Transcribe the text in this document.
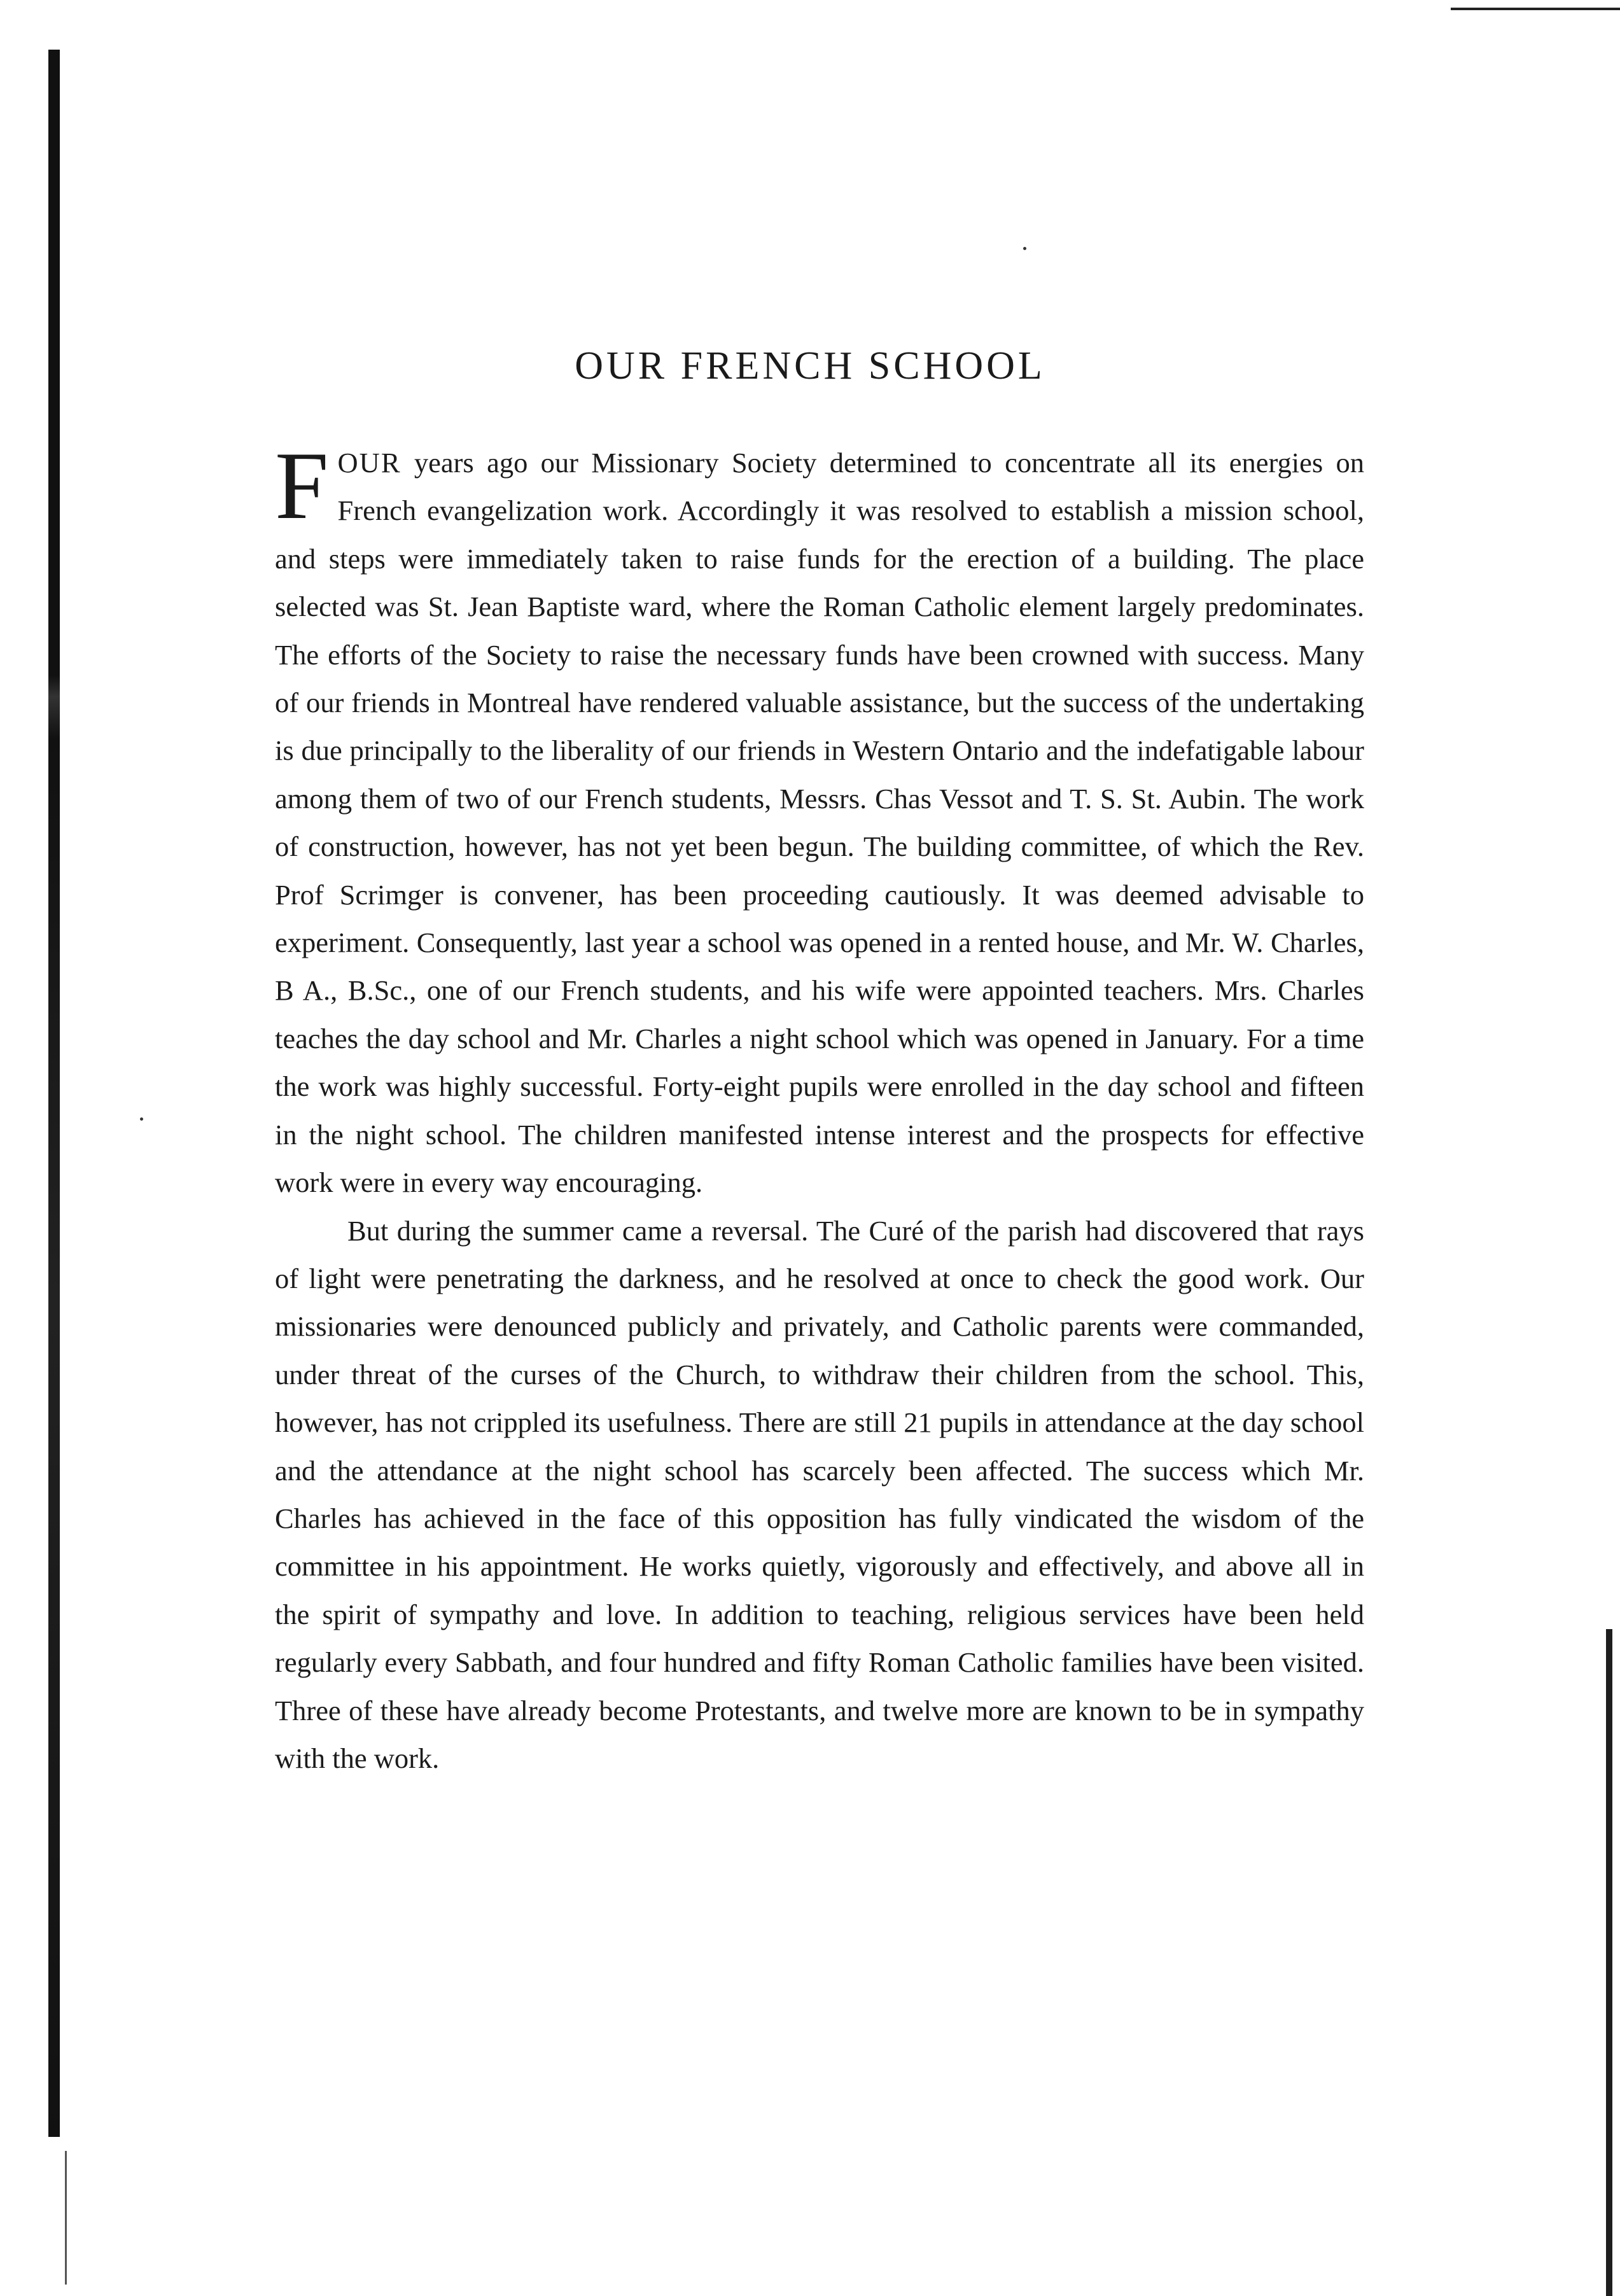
OUR FRENCH SCHOOL

FOUR years ago our Missionary Society determined to concentrate all its energies on French evangelization work. Accordingly it was resolved to establish a mission school, and steps were immediately taken to raise funds for the erection of a building. The place selected was St. Jean Baptiste ward, where the Roman Catholic element largely predominates. The efforts of the Society to raise the necessary funds have been crowned with success. Many of our friends in Montreal have rendered valuable assistance, but the success of the undertaking is due principally to the liberality of our friends in Western Ontario and the indefatigable labour among them of two of our French students, Messrs. Chas Vessot and T. S. St. Aubin. The work of construction, however, has not yet been begun. The building committee, of which the Rev. Prof Scrimger is convener, has been proceeding cautiously. It was deemed advisable to experiment. Consequently, last year a school was opened in a rented house, and Mr. W. Charles, B A., B.Sc., one of our French students, and his wife were appointed teachers. Mrs. Charles teaches the day school and Mr. Charles a night school which was opened in January. For a time the work was highly successful. Forty-eight pupils were enrolled in the day school and fifteen in the night school. The children manifested intense interest and the prospects for effective work were in every way encouraging.

But during the summer came a reversal. The Curé of the parish had discovered that rays of light were penetrating the darkness, and he resolved at once to check the good work. Our missionaries were denounced publicly and privately, and Catholic parents were commanded, under threat of the curses of the Church, to withdraw their children from the school. This, however, has not crippled its usefulness. There are still 21 pupils in attendance at the day school and the attendance at the night school has scarcely been affected. The success which Mr. Charles has achieved in the face of this opposition has fully vindicated the wisdom of the committee in his appointment. He works quietly, vigorously and effectively, and above all in the spirit of sympathy and love. In addition to teaching, religious services have been held regularly every Sabbath, and four hundred and fifty Roman Catholic families have been visited. Three of these have already become Protestants, and twelve more are known to be in sympathy with the work.
